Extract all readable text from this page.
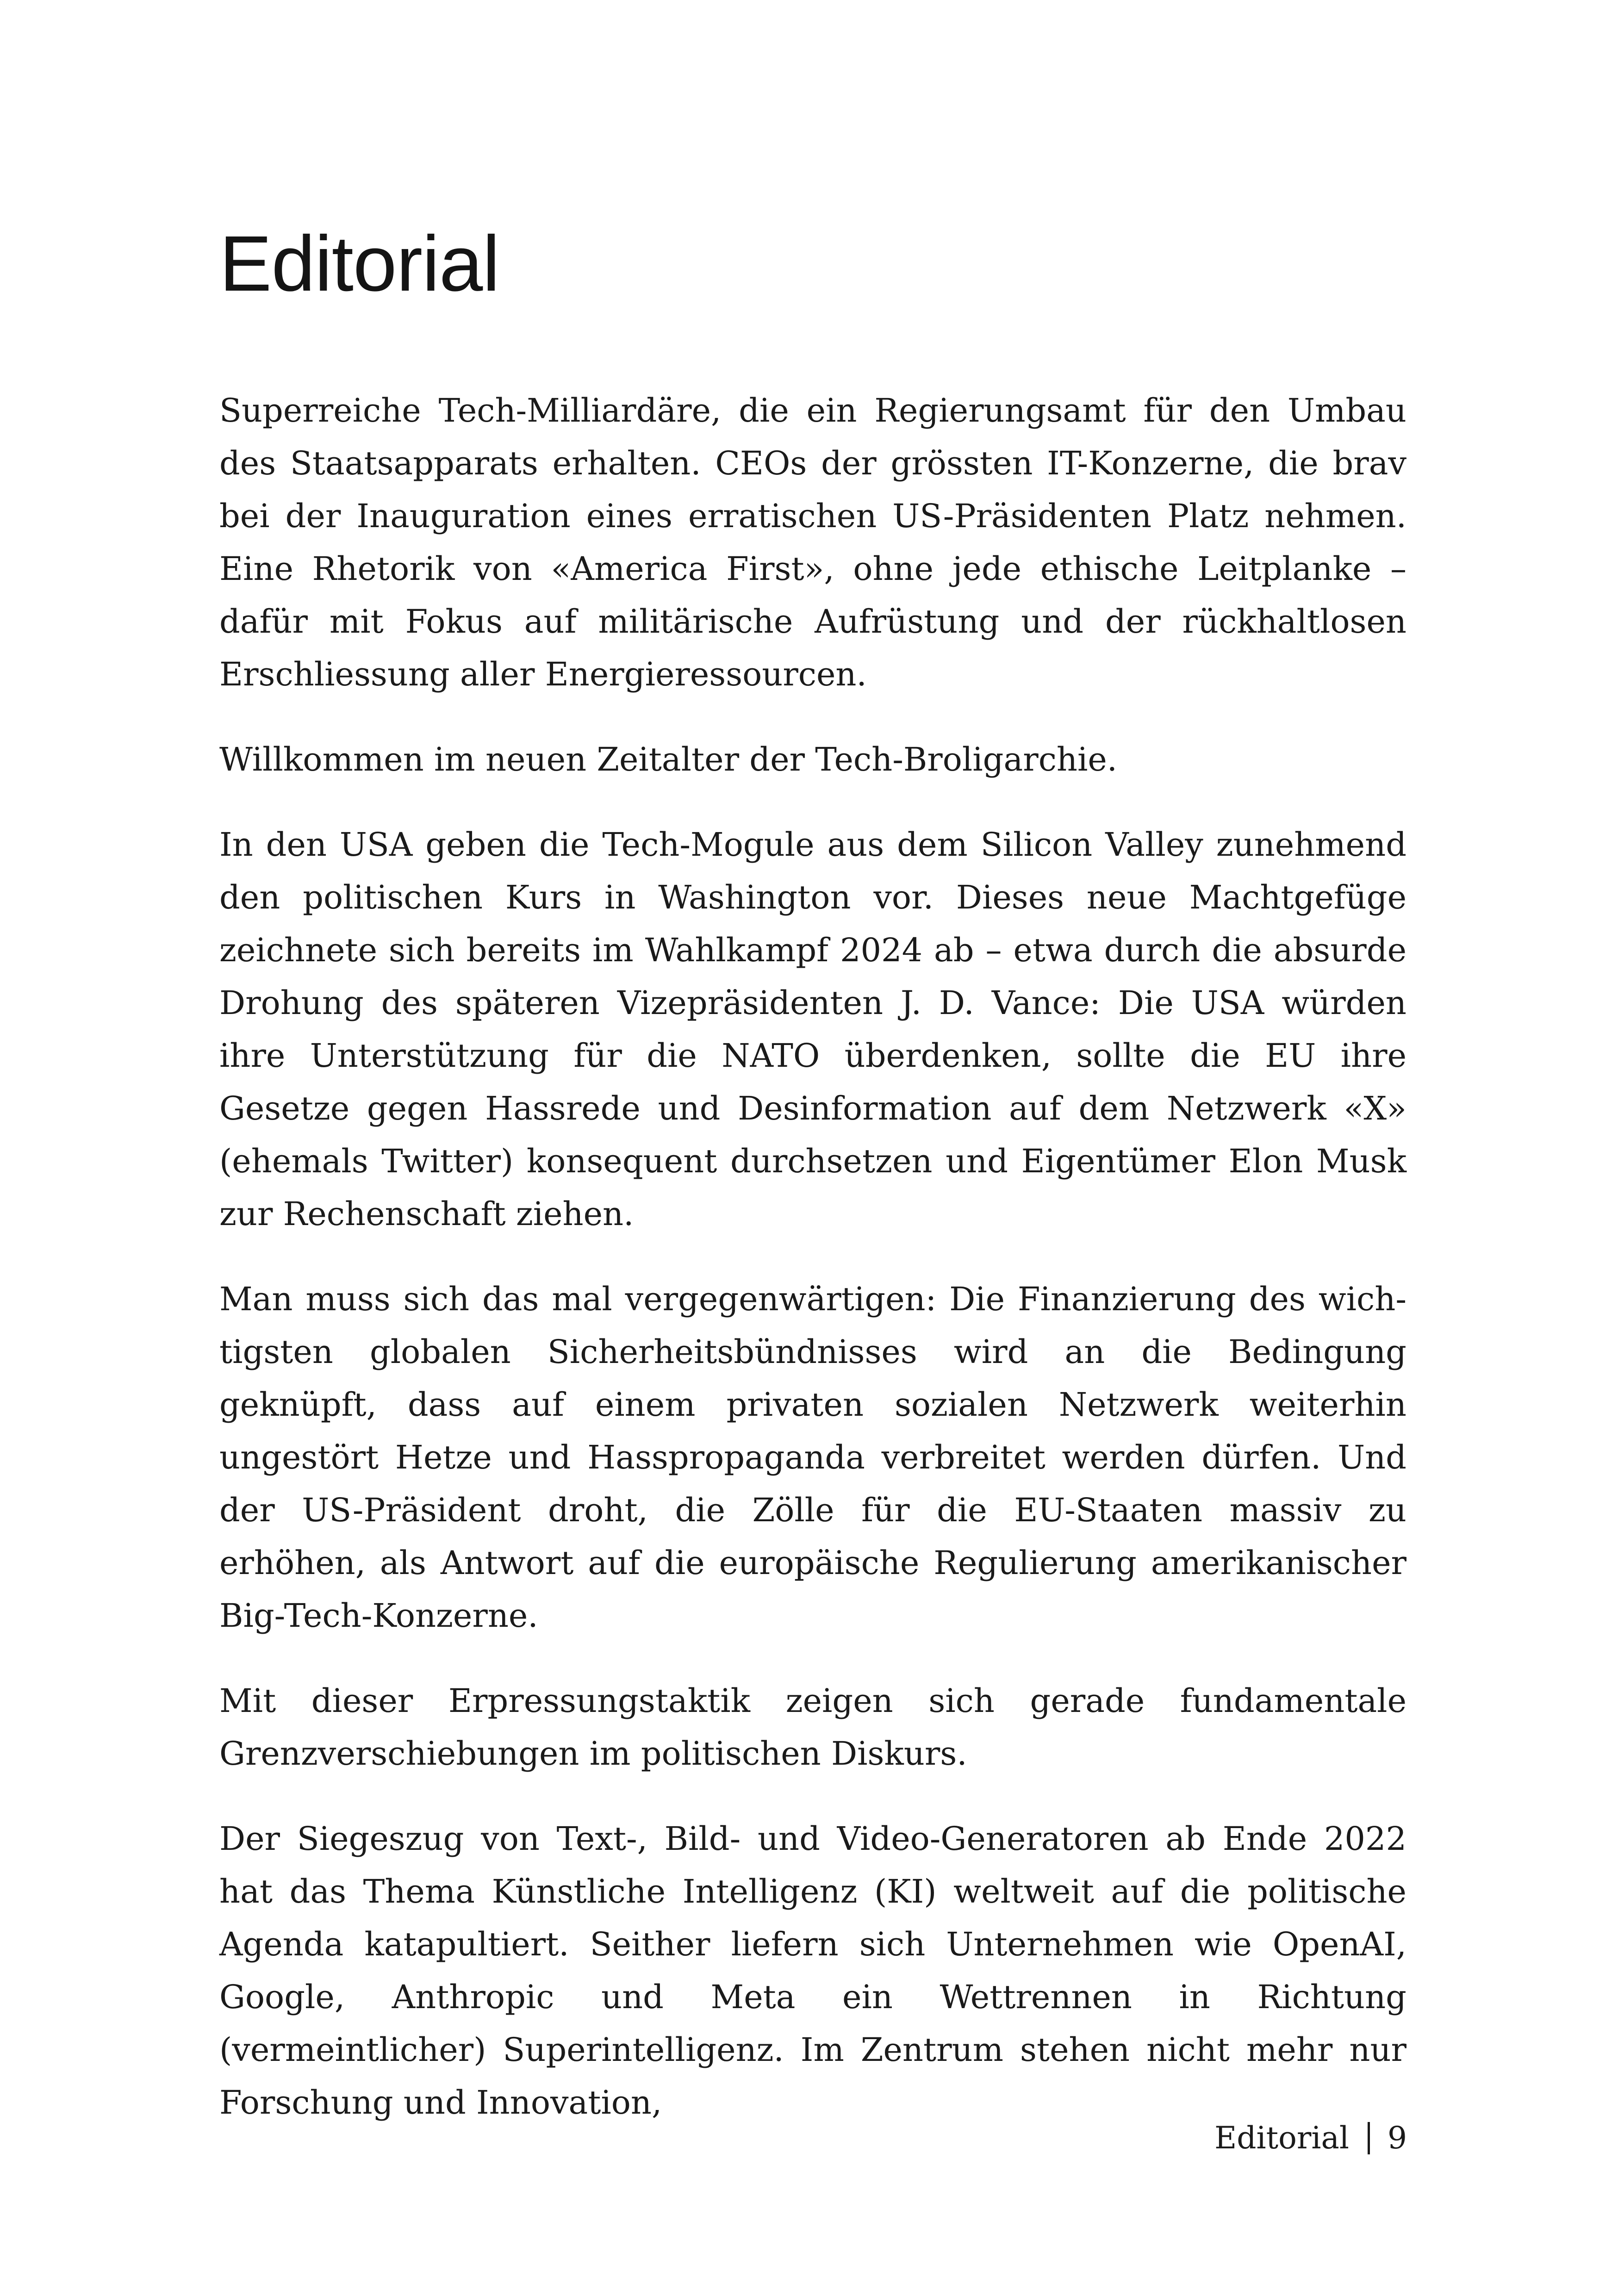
Editorial

Superreiche Tech-Milliardäre, die ein Regierungsamt für den Umbau des Staatsapparats erhalten. CEOs der grössten IT-Konzerne, die brav bei der Inauguration eines erratischen US-Präsidenten Platz nehmen. Eine Rhetorik von «America First», ohne jede ethische Leitplanke – dafür mit Fokus auf militärische Aufrüstung und der rückhaltlosen Erschliessung aller Energieressourcen.

Willkommen im neuen Zeitalter der Tech-Broligarchie.

In den USA geben die Tech-Mogule aus dem Silicon Valley zunehmend den politischen Kurs in Washington vor. Dieses neue Machtgefüge zeichnete sich bereits im Wahlkampf 2024 ab – etwa durch die absurde Drohung des späteren Vizepräsidenten J. D. Vance: Die USA würden ihre Unterstützung für die NATO überdenken, sollte die EU ihre Gesetze gegen Hassrede und Desinformation auf dem Netzwerk «X» (ehemals Twitter) konsequent durchsetzen und Eigentümer Elon Musk zur Rechenschaft ziehen.

Man muss sich das mal vergegenwärtigen: Die Finanzierung des wichtigsten globalen Sicherheitsbündnisses wird an die Bedingung geknüpft, dass auf einem privaten sozialen Netzwerk weiterhin ungestört Hetze und Hasspropaganda verbreitet werden dürfen. Und der US-Präsident droht, die Zölle für die EU-Staaten massiv zu erhöhen, als Antwort auf die europäische Regulierung amerikanischer Big-Tech-Konzerne.

Mit dieser Erpressungstaktik zeigen sich gerade fundamentale Grenzverschiebungen im politischen Diskurs.

Der Siegeszug von Text-, Bild- und Video-Generatoren ab Ende 2022 hat das Thema Künstliche Intelligenz (KI) weltweit auf die politische Agenda katapultiert. Seither liefern sich Unternehmen wie OpenAI, Google, Anthropic und Meta ein Wettrennen in Richtung (vermeintlicher) Superintelligenz. Im Zentrum stehen nicht mehr nur Forschung und Innovation,

Editorial 9
